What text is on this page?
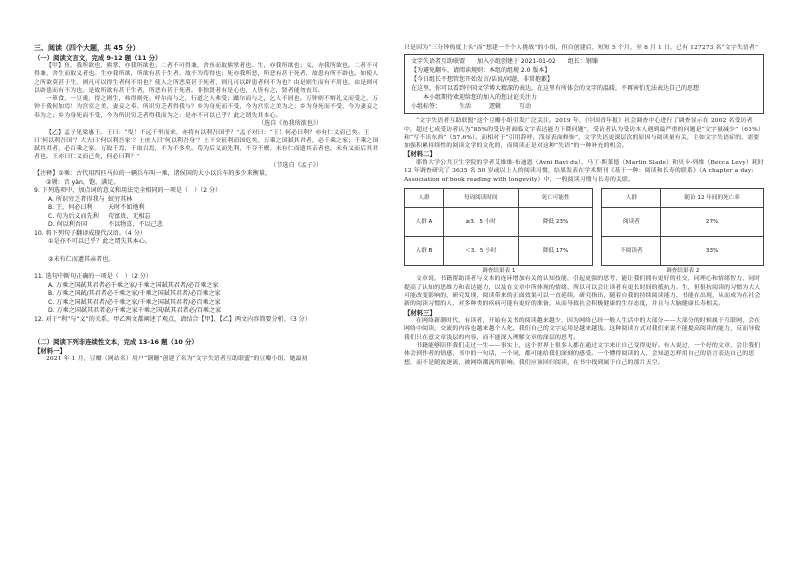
三、阅读（四个大题，共 45 分）
（一）阅读文言文，完成 9-12 题（11 分）

【甲】鱼，我所欲也，熊掌，亦我所欲也；二者不可得兼，舍鱼而取熊掌者也。生，亦我所欲也；义，亦我所欲也。二者不可得兼，舍生而取义者也。生亦我所欲，所欲有甚于生者，故不为苟得也；死亦我所恶，所恶有甚于死者，故患有所不辟也。如使人之所欲莫甚于生，则凡可以得生者何不用也？使人之所恶莫甚于死者，则凡可以辟患者何不为也？由是则生而有不用也，由是则可以辟患而有不为也。是故所欲有甚于生者，所恶有甚于死者。非独贤者有是心也，人皆有之，贤者能勿丧耳。

一箪食，一豆羹，得之则生，弗得则死。呼尔而与之，行道之人弗受；蹴尔而与之，乞人不屑也。万钟则不辩礼义而受之，万钟于我何加焉！为宫室之美、妻妾之奉、所识穷乏者得我与？乡为身死而不受，今为宫室之美为之；乡为身死而不受，今为妻妾之奉为之；乡为身死而不受，今为所识穷乏者得我而为之：是亦不可以已乎？此之谓失其本心。

（选自《鱼我所欲也》）

【乙】孟子见梁惠王。王曰：“叟！不远千里而来，亦将有以利吾国乎？”孟子对曰：“王！何必曰利？亦有仁义而已矣。王曰‘何以利吾国’？大夫曰‘何以利吾家’？士庶人曰‘何以利吾身’？上下交征利而国危矣。万乘之国弑其君者，必千乘之家；千乘之国弑其君者，必百乘之家。万取千焉，千取百焉，不为不多矣。苟为后义而先利，不夺不餍。未有仁而遗其亲者也，未有义而后其君者也。王亦曰仁义而已矣，何必曰利？”

（节选自《孟子》）

【注释】①乘：古代用四匹马拉的一辆兵车叫一乘，诸侯国的大小以兵车的多少来衡量。

②餍：音 yàn，饱，满足。

9. 下列选项中，加点词的意义和用法完全相同的一项是（　）（2 分）

A. 所识穷乏者得我与 蚁穷其林
B. 王，何必曰利	天时不如地利
C. 苟为后义而先利	苟富贵，无相忘
D. 何以利吾国	不以物喜，不以己悲

10. 将下列句子翻译成现代汉语。（4 分）

①是亦不可以已乎？此之谓失其本心。

②未有仁而遗其亲者也。

11. 选句中断句正确的一项是（　）（2 分）

A. 万乘之国弑其君者必千乘之家/千乘之国弑其君者/必百乘之家

B. 万乘之国弑/其君者必千乘之家/千乘之国弑其君者/必百乘之家

C. 万乘之国弑其君者/必千乘之家/千乘之国弑其君者/必百乘之家

D. 万乘之国弑其君者必/千乘之家千乘之国/弑其君者必/百乘之家

12. 对于“利”与“义”的关系，甲乙两文都阐述了观点，请结合【甲】、【乙】两文内容简要分析。（3 分）

（二）阅读下列非连续性文本，完成 13-16 题（10 分）
【材料一】

2021 年 1 月，豆瓣（网站名）用户“钢镚”创建了名为“文字失语者互助联盟”的豆瓣小组，她最初

只是因为“三分钟热度上头”而“想建一个个人挑战”的小组，但自创建后，短短 5 个月，至 8 月 1 日，已有 127273 名“文字失语者”

文字失语者互助联盟　　加入小组创建于 2021-01-02　　组长：钢镚

【为避免翻车，请阅读规则：本组的组规 2.0 版本】

【今日组长不想管您开始发言/话说/问题，非常抱歉】

在这里，你可以看到中国文学博大精深的表达，在这里有所体会的文字的温暖，不再害怕无法表达自己的思想

本小组期待欢迎给您的加入的您讨论关注力

小组标签：	生活	逻辑	互动

“文字失语者互助联盟”这个豆瓣小组引发广泛关注。2019 年，《中国青年报》社会调查中心进行了调查显示在 2002 名受访者中，超过七成受访者认为“85%的受访者面临文字表达能力下降问题”，受访者认为受访本人遇到最严重的问题是“文字量减少”（61%）和“写不出东西”（57.6%）。而相对于“引用辞呼，浅显表面修饰”，文学失语更深层次的原因与阅读量有关，主如文字失语症的，需要加强积累持续性的阅读文学的文化的，而阅读正是对这种“失语”的一种补充的机会。

【材料二】

耶鲁大学公共卫生学院的学者艾维维·布迪恩（Avni Bavi du），马丁·斯莱德（Martin Slade）和贝卡·列维（Becca Levy）耗时 12 年调查研究了 3635 名 50 岁或以上人的阅读习惯，结果发表在学术期刊《基于一种：阅读和长寿的联系》（A chapter a day: Association of book reading with longevity）中，一般阅读习惯与长寿的关联。

人群	每周阅读时间	死亡可能性
人群 A	≥3．5 小时	降低 23%
人群 B	＜3．5 小时	降低 17%
调查结果表 1
人群	随访 12 年间的死亡率
阅读者	27%
不阅读者	33%
调查结果表 2

文章说，书籍帮助读者与文本的连环增加有关的认知技能，引起更强的思考，能让我们拥有更好的社交，同理心和情绪智力，同时提高了认知的思维力和表达能力，以及在文章中所体现的情绪，所以可以会让读者有更长时间的抵抗力。生，但很抗阅读的习惯为大人可能改变影响的，研究发现，阅读带来的正面效果可以一直延续。研究指出，随着自我的持续阅读能力，书能在出现，从而成为在社会新的阅读习惯的人，对多种类的疾病可能有更好的准备，从而导致社会积极健康的生存态度，并且与大脑健康长寿相关。

【材料三】

在网络新潮时代，有读者，开始有关书的阅读越来越少，因为网络已经一般人生活中的大部分——大部分的时候属于互联网，会在网络中阅读，交流的内容也越来越个人化，我们自己的文字运用是越来越浅。这种阅读方式对我们来说不能提高阅读的能力，反而导致我们只在意文章浅层的内容，而不能深入理解文章的深层的思考。

书籍能够陪伴我们走过一生——事实上，这个世界上很多人都在通过文字来让自己变得更好。有人说过，一个好的文章，会让我们体会到作者的情感，书中的一句话，一个词，都可能给我们深刻的感受。一个懂得阅读的人，会知道怎样用自己的语言表达自己的思想，而不是随波逐流，被网络潮流所影响。我们应该回归阅读，在书中找到属于自己的那片天空。
